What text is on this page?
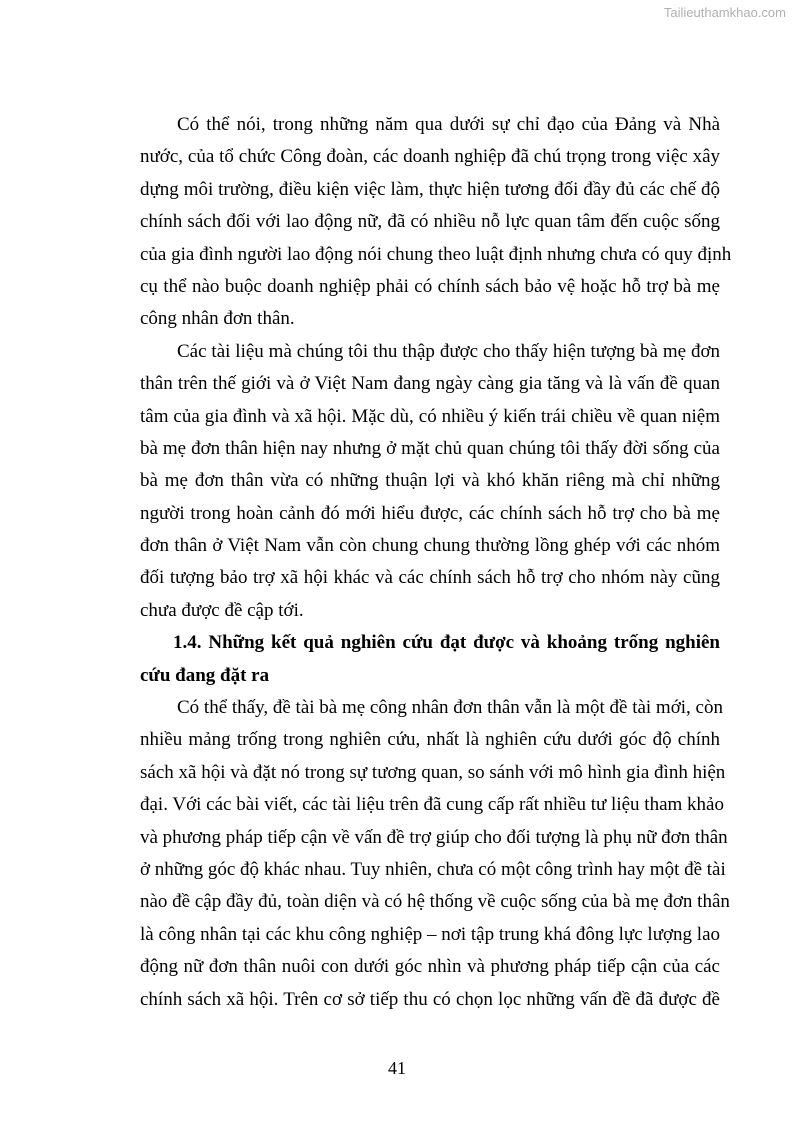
Tailieuthamkhao.com
Có thể nói, trong những năm qua dưới sự chỉ đạo của Đảng và Nhà
nước, của tổ chức Công đoàn, các doanh nghiệp đã chú trọng trong việc xây
dựng môi trường, điều kiện việc làm, thực hiện tương đối đầy đủ các chế độ
chính sách đối với lao động nữ, đã có nhiều nỗ lực quan tâm đến cuộc sống
của gia đình người lao động nói chung theo luật định nhưng chưa có quy định
cụ thể nào buộc doanh nghiệp phải có chính sách bảo vệ hoặc hỗ trợ bà mẹ
công nhân đơn thân.
Các tài liệu mà chúng tôi thu thập được cho thấy hiện tượng bà mẹ đơn
thân trên thế giới và ở Việt Nam đang ngày càng gia tăng và là vấn đề quan
tâm của gia đình và xã hội. Mặc dù, có nhiều ý kiến trái chiều về quan niệm
bà mẹ đơn thân hiện nay nhưng ở mặt chủ quan chúng tôi thấy đời sống của
bà mẹ đơn thân vừa có những thuận lợi và khó khăn riêng mà chỉ những
người trong hoàn cảnh đó mới hiểu được, các chính sách hỗ trợ cho bà mẹ
đơn thân ở Việt Nam vẫn còn chung chung thường lồng ghép với các nhóm
đối tượng bảo trợ xã hội khác và các chính sách hỗ trợ cho nhóm này cũng
chưa được đề cập tới.
1.4. Những kết quả nghiên cứu đạt được và khoảng trống nghiên
cứu đang đặt ra
Có thể thấy, đề tài bà mẹ công nhân đơn thân vẫn là một đề tài mới, còn
nhiều mảng trống trong nghiên cứu, nhất là nghiên cứu dưới góc độ chính
sách xã hội và đặt nó trong sự tương quan, so sánh với mô hình gia đình hiện
đại. Với các bài viết, các tài liệu trên đã cung cấp rất nhiều tư liệu tham khảo
và phương pháp tiếp cận về vấn đề trợ giúp cho đối tượng là phụ nữ đơn thân
ở những góc độ khác nhau. Tuy nhiên, chưa có một công trình hay một đề tài
nào đề cập đầy đủ, toàn diện và có hệ thống về cuộc sống của bà mẹ đơn thân
là công nhân tại các khu công nghiệp – nơi tập trung khá đông lực lượng lao
động nữ đơn thân nuôi con dưới góc nhìn và phương pháp tiếp cận của các
chính sách xã hội. Trên cơ sở tiếp thu có chọn lọc những vấn đề đã được đề
41
